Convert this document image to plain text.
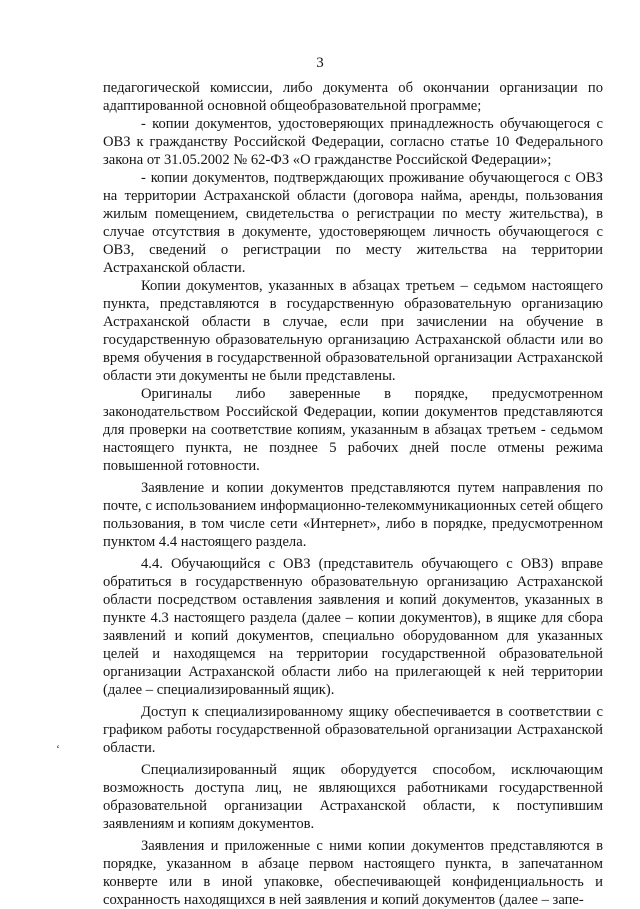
3

педагогической комиссии, либо документа об окончании организации по адаптированной основной общеобразовательной программе;

- копии документов, удостоверяющих принадлежность обучающегося с ОВЗ к гражданству Российской Федерации, согласно статье 10 Федерального закона от 31.05.2002 № 62-ФЗ «О гражданстве Российской Федерации»;

- копии документов, подтверждающих проживание обучающегося с ОВЗ на территории Астраханской области (договора найма, аренды, пользования жилым помещением, свидетельства о регистрации по месту жительства), в случае отсутствия в документе, удостоверяющем личность обучающегося с ОВЗ, сведений о регистрации по месту жительства на территории Астраханской области.

Копии документов, указанных в абзацах третьем – седьмом настоящего пункта, представляются в государственную образовательную организацию Астраханской области в случае, если при зачислении на обучение в государственную образовательную организацию Астраханской области или во время обучения в государственной образовательной организации Астраханской области эти документы не были представлены.

Оригиналы либо заверенные в порядке, предусмотренном законодательством Российской Федерации, копии документов представляются для проверки на соответствие копиям, указанным в абзацах третьем - седьмом настоящего пункта, не позднее 5 рабочих дней после отмены режима повышенной готовности.

Заявление и копии документов представляются путем направления по почте, с использованием информационно-телекоммуникационных сетей общего пользования, в том числе сети «Интернет», либо в порядке, предусмотренном пунктом 4.4 настоящего раздела.

4.4. Обучающийся с ОВЗ (представитель обучающего с ОВЗ) вправе обратиться в государственную образовательную организацию Астраханской области посредством оставления заявления и копий документов, указанных в пункте 4.3 настоящего раздела (далее – копии документов), в ящике для сбора заявлений и копий документов, специально оборудованном для указанных целей и находящемся на территории государственной образовательной организации Астраханской области либо на прилегающей к ней территории (далее – специализированный ящик).

Доступ к специализированному ящику обеспечивается в соответствии с графиком работы государственной образовательной организации Астраханской области.

Специализированный ящик оборудуется способом, исключающим возможность доступа лиц, не являющихся работниками государственной образовательной организации Астраханской области, к поступившим заявлениям и копиям документов.

Заявления и приложенные с ними копии документов представляются в порядке, указанном в абзаце первом настоящего пункта, в запечатанном конверте или в иной упаковке, обеспечивающей конфиденциальность и сохранность находящихся в ней заявления и копий документов (далее – запе-

‘
